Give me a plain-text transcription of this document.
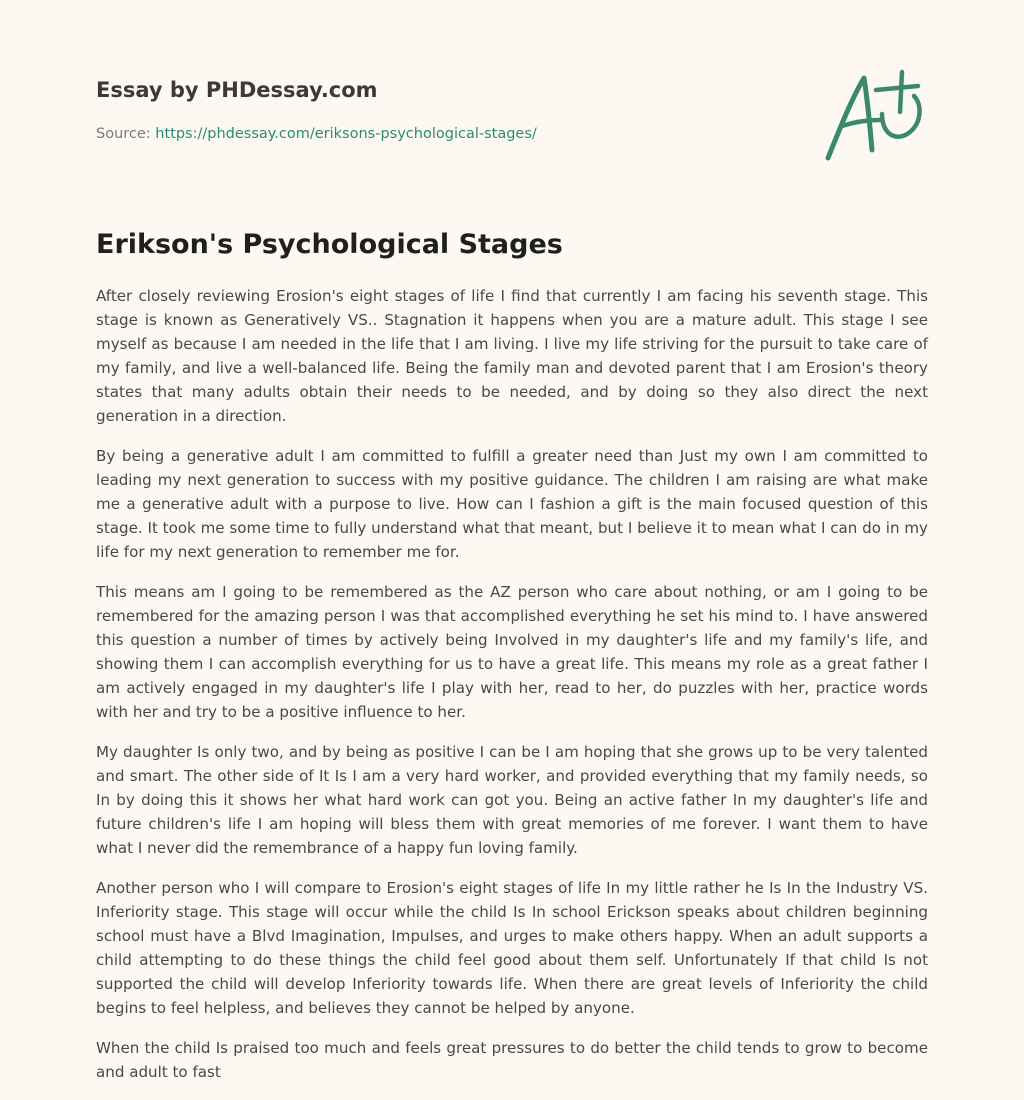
Essay by PHDessay.com
Source: https://phdessay.com/eriksons-psychological-stages/
Erikson's Psychological Stages

After closely reviewing Erosion's eight stages of life I find that currently I am facing his seventh stage. This stage is known as Generatively VS.. Stagnation it happens when you are a mature adult. This stage I see myself as because I am needed in the life that I am living. I live my life striving for the pursuit to take care of my family, and live a well-balanced life. Being the family man and devoted parent that I am Erosion's theory states that many adults obtain their needs to be needed, and by doing so they also direct the next generation in a direction.

By being a generative adult I am committed to fulfill a greater need than Just my own I am committed to leading my next generation to success with my positive guidance. The children I am raising are what make me a generative adult with a purpose to live. How can I fashion a gift is the main focused question of this stage. It took me some time to fully understand what that meant, but I believe it to mean what I can do in my life for my next generation to remember me for.

This means am I going to be remembered as the AZ person who care about nothing, or am I going to be remembered for the amazing person I was that accomplished everything he set his mind to. I have answered this question a number of times by actively being Involved in my daughter's life and my family's life, and showing them I can accomplish everything for us to have a great life. This means my role as a great father I am actively engaged in my daughter's life I play with her, read to her, do puzzles with her, practice words with her and try to be a positive influence to her.

My daughter Is only two, and by being as positive I can be I am hoping that she grows up to be very talented and smart. The other side of It Is I am a very hard worker, and provided everything that my family needs, so In by doing this it shows her what hard work can got you. Being an active father In my daughter's life and future children's life I am hoping will bless them with great memories of me forever. I want them to have what I never did the remembrance of a happy fun loving family.

Another person who I will compare to Erosion's eight stages of life In my little rather he Is In the Industry VS. Inferiority stage. This stage will occur while the child Is In school Erickson speaks about children beginning school must have a Blvd Imagination, Impulses, and urges to make others happy. When an adult supports a child attempting to do these things the child feel good about them self. Unfortunately If that child Is not supported the child will develop Inferiority towards life. When there are great levels of Inferiority the child begins to feel helpless, and believes they cannot be helped by anyone.

When the child Is praised too much and feels great pressures to do better the child tends to grow to become and adult to fast
